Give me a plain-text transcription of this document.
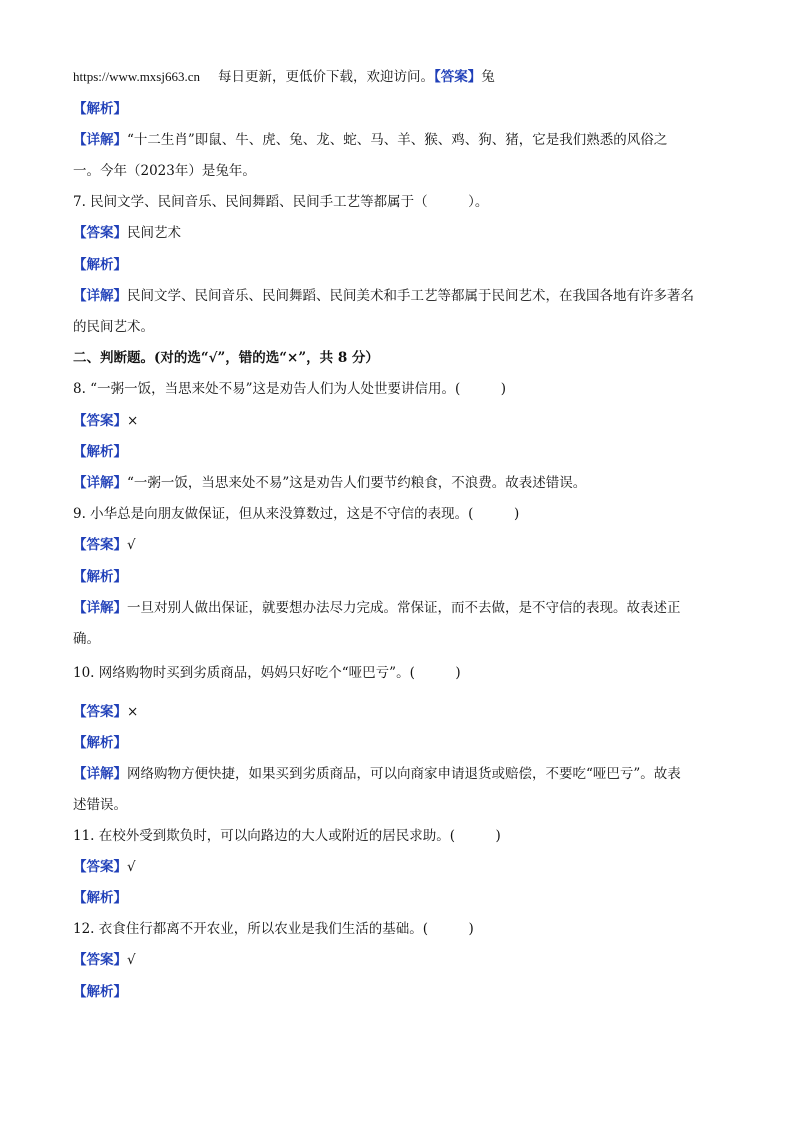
https://www.mxsj663.cn 每日更新，更低价下载，欢迎访问。【答案】兔
【解析】
【详解】“十二生肖”即鼠、牛、虎、兔、龙、蛇、马、羊、猴、鸡、狗、猪，它是我们熟悉的风俗之
一。今年（2023年）是兔年。
7. 民间文学、民间音乐、民间舞蹈、民间手工艺等都属于（　　　）。
【答案】民间艺术
【解析】
【详解】民间文学、民间音乐、民间舞蹈、民间美术和手工艺等都属于民间艺术，在我国各地有许多著名
的民间艺术。
二、判断题。(对的选“√”，错的选“×”，共 8 分）
8. “一粥一饭，当思来处不易”这是劝告人们为人处世要讲信用。(　　　)
【答案】×
【解析】
【详解】“一粥一饭，当思来处不易”这是劝告人们要节约粮食，不浪费。故表述错误。
9. 小华总是向朋友做保证，但从来没算数过，这是不守信的表现。(　　　)
【答案】√
【解析】
【详解】一旦对别人做出保证，就要想办法尽力完成。常保证，而不去做，是不守信的表现。故表述正
确。
10. 网络购物时买到劣质商品，妈妈只好吃个“哑巴亏”。(　　　)
【答案】×
【解析】
【详解】网络购物方便快捷，如果买到劣质商品，可以向商家申请退货或赔偿，不要吃“哑巴亏”。故表
述错误。
11. 在校外受到欺负时，可以向路边的大人或附近的居民求助。(　　　)
【答案】√
【解析】
12. 衣食住行都离不开农业，所以农业是我们生活的基础。(　　　)
【答案】√
【解析】
